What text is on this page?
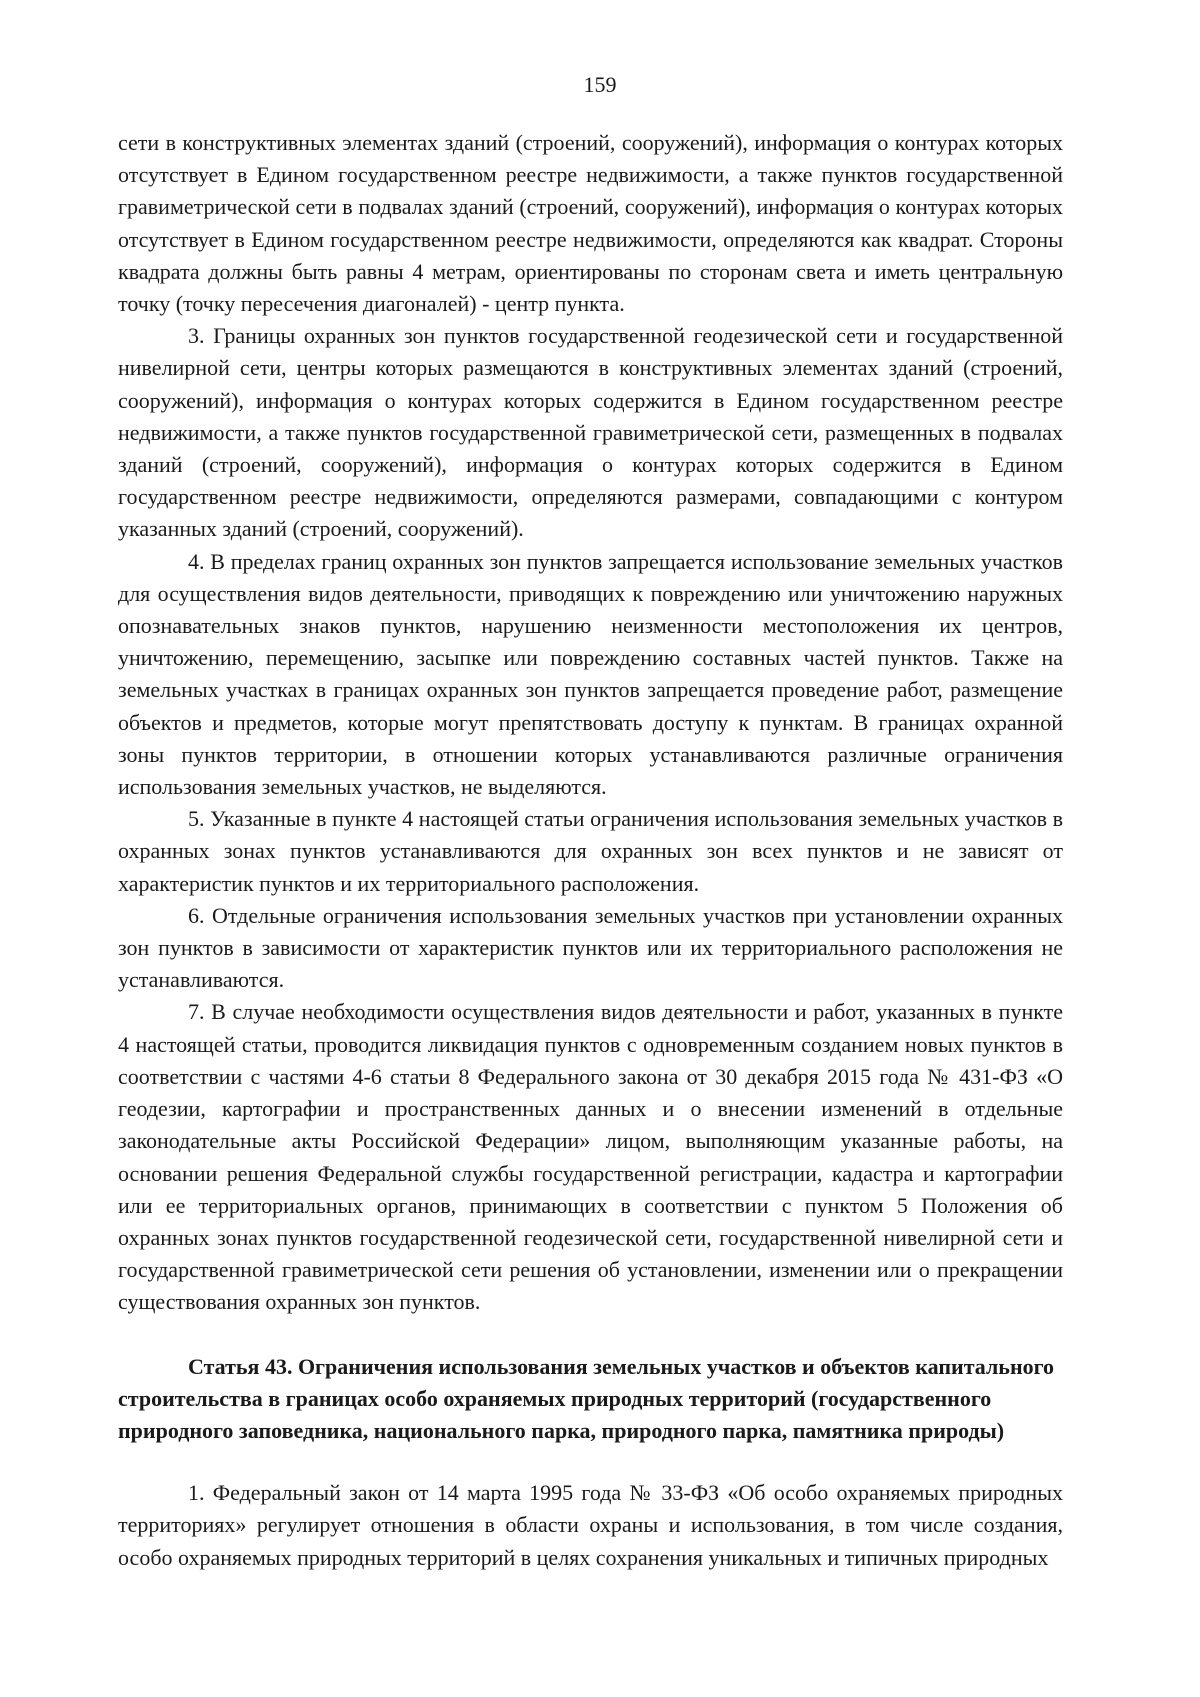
159

сети в конструктивных элементах зданий (строений, сооружений), информация о контурах которых отсутствует в Едином государственном реестре недвижимости, а также пунктов государственной гравиметрической сети в подвалах зданий (строений, сооружений), информация о контурах которых отсутствует в Едином государственном реестре недвижимости, определяются как квадрат. Стороны квадрата должны быть равны 4 метрам, ориентированы по сторонам света и иметь центральную точку (точку пересечения диагоналей) - центр пункта.

3. Границы охранных зон пунктов государственной геодезической сети и государственной нивелирной сети, центры которых размещаются в конструктивных элементах зданий (строений, сооружений), информация о контурах которых содержится в Едином государственном реестре недвижимости, а также пунктов государственной гравиметрической сети, размещенных в подвалах зданий (строений, сооружений), информация о контурах которых содержится в Едином государственном реестре недвижимости, определяются размерами, совпадающими с контуром указанных зданий (строений, сооружений).

4. В пределах границ охранных зон пунктов запрещается использование земельных участков для осуществления видов деятельности, приводящих к повреждению или уничтожению наружных опознавательных знаков пунктов, нарушению неизменности местоположения их центров, уничтожению, перемещению, засыпке или повреждению составных частей пунктов. Также на земельных участках в границах охранных зон пунктов запрещается проведение работ, размещение объектов и предметов, которые могут препятствовать доступу к пунктам. В границах охранной зоны пунктов территории, в отношении которых устанавливаются различные ограничения использования земельных участков, не выделяются.

5. Указанные в пункте 4 настоящей статьи ограничения использования земельных участков в охранных зонах пунктов устанавливаются для охранных зон всех пунктов и не зависят от характеристик пунктов и их территориального расположения.

6. Отдельные ограничения использования земельных участков при установлении охранных зон пунктов в зависимости от характеристик пунктов или их территориального расположения не устанавливаются.

7. В случае необходимости осуществления видов деятельности и работ, указанных в пункте 4 настоящей статьи, проводится ликвидация пунктов с одновременным созданием новых пунктов в соответствии с частями 4-6 статьи 8 Федерального закона от 30 декабря 2015 года № 431-ФЗ «О геодезии, картографии и пространственных данных и о внесении изменений в отдельные законодательные акты Российской Федерации» лицом, выполняющим указанные работы, на основании решения Федеральной службы государственной регистрации, кадастра и картографии или ее территориальных органов, принимающих в соответствии с пунктом 5 Положения об охранных зонах пунктов государственной геодезической сети, государственной нивелирной сети и государственной гравиметрической сети решения об установлении, изменении или о прекращении существования охранных зон пунктов.

Статья 43. Ограничения использования земельных участков и объектов капитального строительства в границах особо охраняемых природных территорий (государственного природного заповедника, национального парка, природного парка, памятника природы)

1. Федеральный закон от 14 марта 1995 года № 33-ФЗ «Об особо охраняемых природных территориях» регулирует отношения в области охраны и использования, в том числе создания, особо охраняемых природных территорий в целях сохранения уникальных и типичных природных
